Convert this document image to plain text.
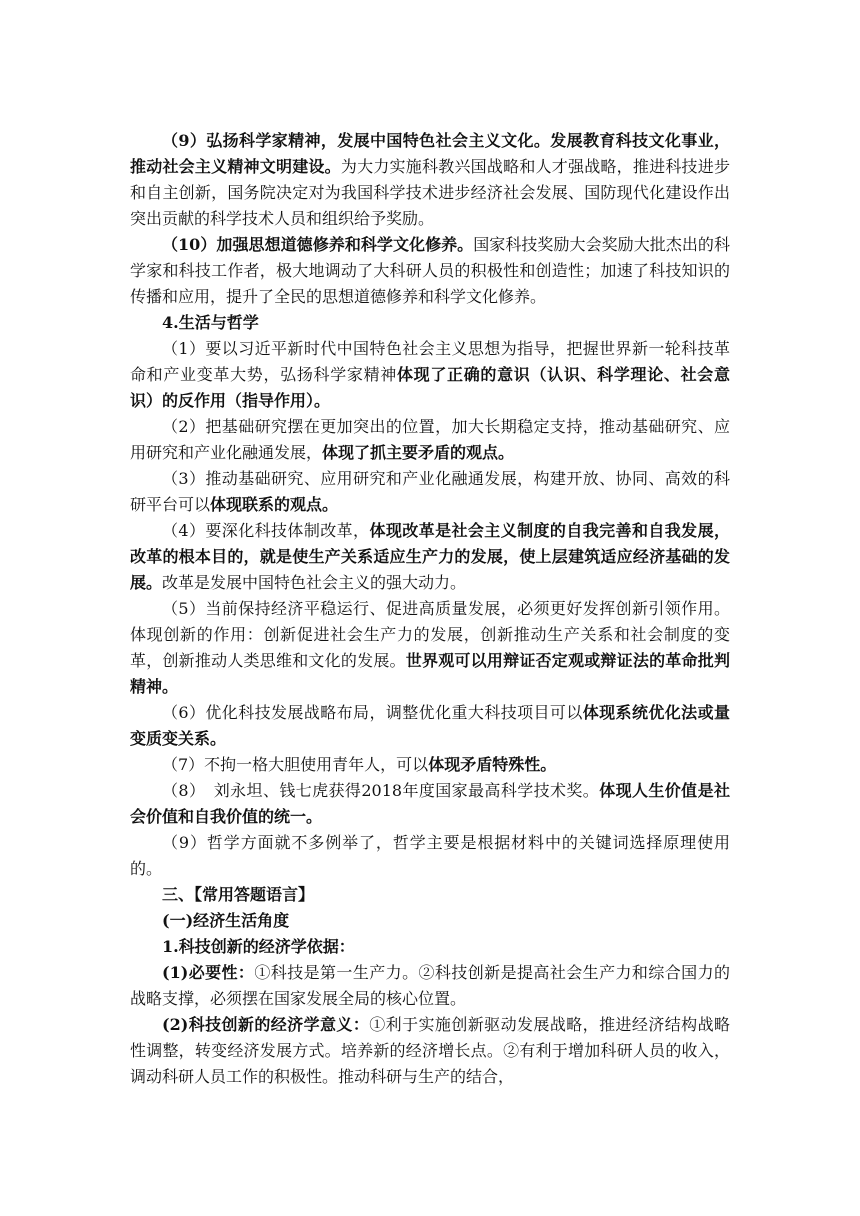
（9）弘扬科学家精神，发展中国特色社会主义文化。发展教育科技文化事业，推动社会主义精神文明建设。为大力实施科教兴国战略和人才强战略，推进科技进步和自主创新，国务院决定对为我国科学技术进步经济社会发展、国防现代化建设作出突出贡献的科学技术人员和组织给予奖励。

（10）加强思想道德修养和科学文化修养。国家科技奖励大会奖励大批杰出的科学家和科技工作者，极大地调动了大科研人员的积极性和创造性；加速了科技知识的传播和应用，提升了全民的思想道德修养和科学文化修养。

4.生活与哲学

（1）要以习近平新时代中国特色社会主义思想为指导，把握世界新一轮科技革命和产业变革大势，弘扬科学家精神体现了正确的意识（认识、科学理论、社会意识）的反作用（指导作用）。

（2）把基础研究摆在更加突出的位置，加大长期稳定支持，推动基础研究、应用研究和产业化融通发展，体现了抓主要矛盾的观点。

（3）推动基础研究、应用研究和产业化融通发展，构建开放、协同、高效的科研平台可以体现联系的观点。

（4）要深化科技体制改革，体现改革是社会主义制度的自我完善和自我发展，改革的根本目的，就是使生产关系适应生产力的发展，使上层建筑适应经济基础的发展。改革是发展中国特色社会主义的强大动力。

（5）当前保持经济平稳运行、促进高质量发展，必须更好发挥创新引领作用。体现创新的作用：创新促进社会生产力的发展，创新推动生产关系和社会制度的变革，创新推动人类思维和文化的发展。世界观可以用辩证否定观或辩证法的革命批判精神。

（6）优化科技发展战略布局，调整优化重大科技项目可以体现系统优化法或量变质变关系。

（7）不拘一格大胆使用青年人，可以体现矛盾特殊性。

（8）　刘永坦、钱七虎获得2018年度国家最高科学技术奖。体现人生价值是社会价值和自我价值的统一。

（9）哲学方面就不多例举了，哲学主要是根据材料中的关键词选择原理使用的。

三、【常用答题语言】

(一)经济生活角度

1.科技创新的经济学依据：

(1)必要性：①科技是第一生产力。②科技创新是提高社会生产力和综合国力的战略支撑，必须摆在国家发展全局的核心位置。

(2)科技创新的经济学意义：①利于实施创新驱动发展战略，推进经济结构战略性调整，转变经济发展方式。培养新的经济增长点。②有利于增加科研人员的收入，调动科研人员工作的积极性。推动科研与生产的结合，
